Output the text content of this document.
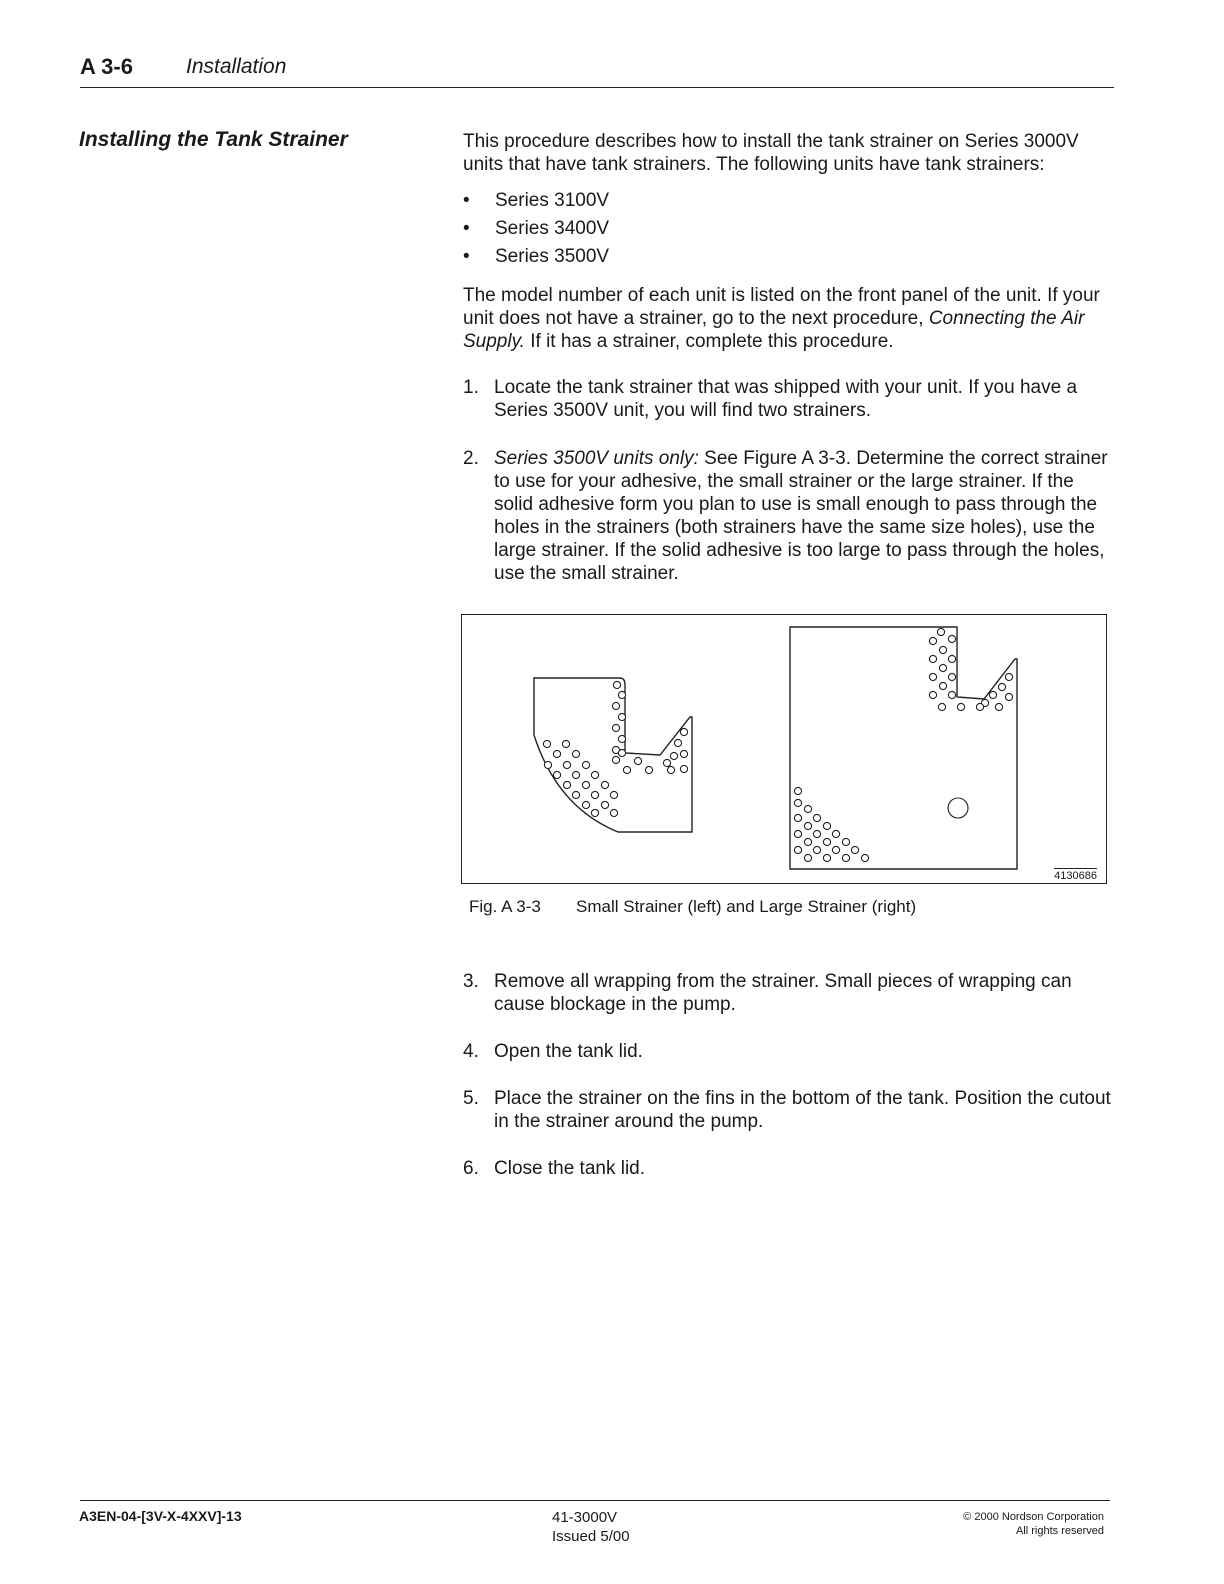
A 3-6	Installation
Installing the Tank Strainer	This procedure describes how to install the tank strainer on Series 3000V units that have tank strainers. The following units have tank strainers:
• Series 3100V
• Series 3400V
• Series 3500V
The model number of each unit is listed on the front panel of the unit. If your unit does not have a strainer, go to the next procedure, Connecting the Air Supply. If it has a strainer, complete this procedure.
1. Locate the tank strainer that was shipped with your unit. If you have a Series 3500V unit, you will find two strainers.
2. Series 3500V units only: See Figure A 3-3. Determine the correct strainer to use for your adhesive, the small strainer or the large strainer. If the solid adhesive form you plan to use is small enough to pass through the holes in the strainers (both strainers have the same size holes), use the large strainer. If the solid adhesive is too large to pass through the holes, use the small strainer.
4130686
Fig. A 3-3 Small Strainer (left) and Large Strainer (right)
3. Remove all wrapping from the strainer. Small pieces of wrapping can cause blockage in the pump.
4. Open the tank lid.
5. Place the strainer on the fins in the bottom of the tank. Position the cutout in the strainer around the pump.
6. Close the tank lid.
A3EN-04-[3V-X-4XXV]-13	41-3000V
Issued 5/00
© 2000 Nordson Corporation
All rights reserved
